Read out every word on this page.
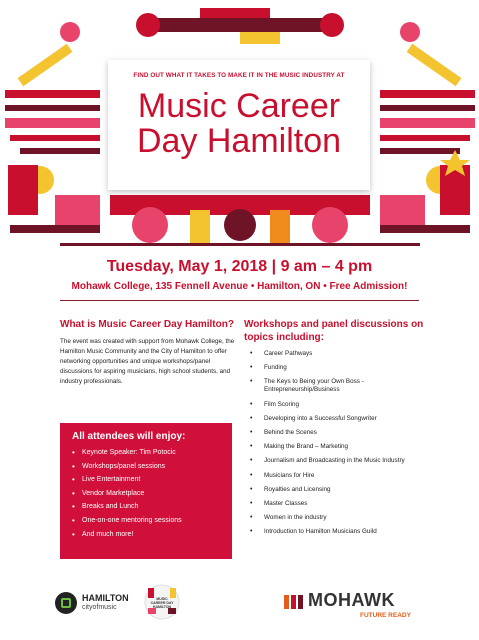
FIND OUT WHAT IT TAKES TO MAKE IT IN THE MUSIC INDUSTRY AT
Music Career
Day Hamilton
Tuesday, May 1, 2018 | 9 am – 4 pm
Mohawk College, 135 Fennell Avenue • Hamilton, ON • Free Admission!
What is Music Career Day Hamilton?
The event was created with support from Mohawk College, the Hamilton Music Community and the City of Hamilton to offer networking opportunities and unique workshops/panel discussions for aspiring musicians, high school students, and industry professionals.
All attendees will enjoy:
• Keynote Speaker: Tim Potocic
• Workshops/panel sessions
• Live Entertainment
• Vendor Marketplace
• Breaks and Lunch
• One-on-one mentoring sessions
• And much more!
Workshops and panel discussions on topics including:
• Career Pathways
• Funding
• The Keys to Being your Own Boss - Entrepreneurship/Business
• Film Scoring
• Developing into a Successful Songwriter
• Behind the Scenes
• Making the Brand – Marketing
• Journalism and Broadcasting in the Music Industry
• Musicians for Hire
• Royalties and Licensing
• Master Classes
• Women in the industry
• Introduction to Hamilton Musicians Guild
HAMILTON
cityofmusic
MUSIC CAREER DAY HAMILTON	MOHAWK
FUTURE READY
